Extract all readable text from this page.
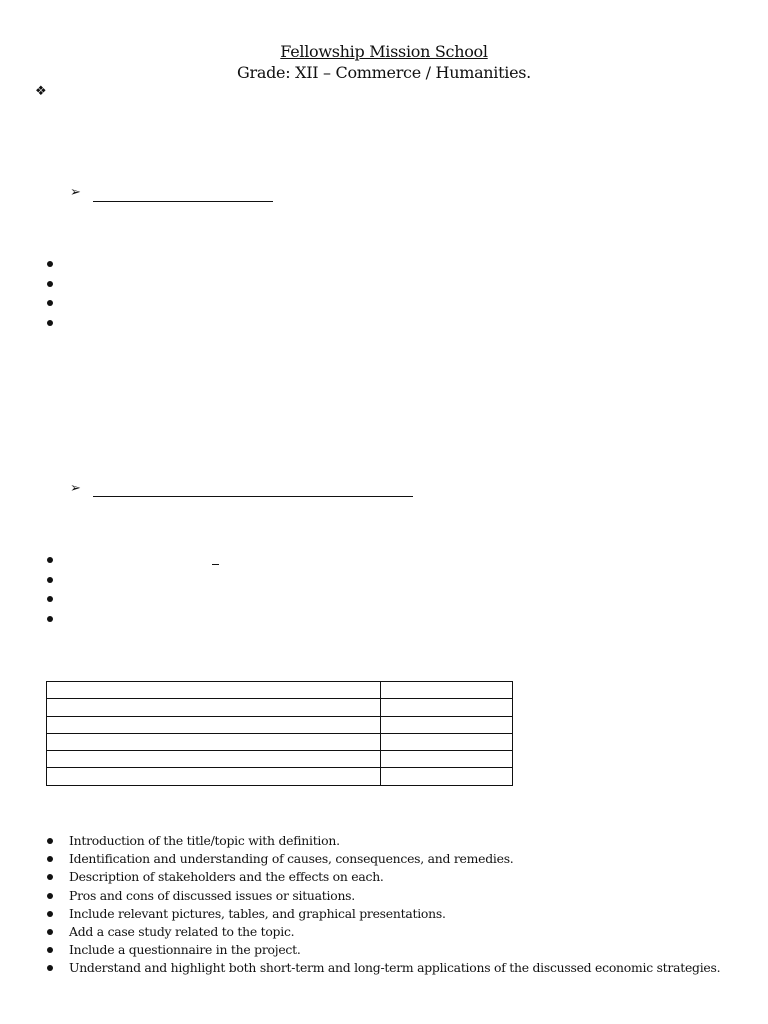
Fellowship Mission School
Grade: XII – Commerce / Humanities.
❖
➢
➢

Introduction of the title/topic with definition.
Identification and understanding of causes, consequences, and remedies.
Description of stakeholders and the effects on each.
Pros and cons of discussed issues or situations.
Include relevant pictures, tables, and graphical presentations.
Add a case study related to the topic.
Include a questionnaire in the project.
Understand and highlight both short-term and long-term applications of the discussed economic strategies.
